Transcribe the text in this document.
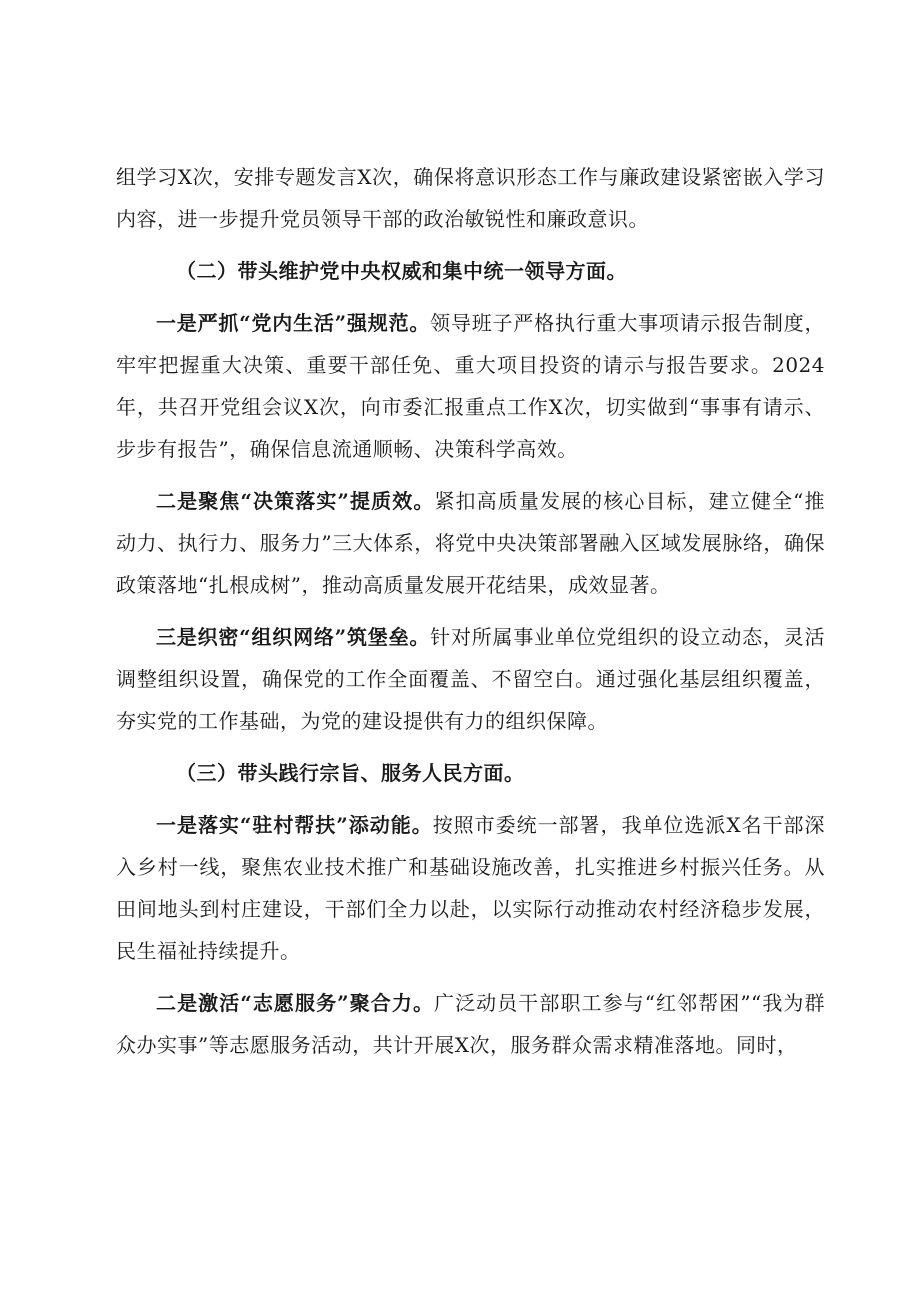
组学习X次，安排专题发言X次，确保将意识形态工作与廉政建设紧密嵌入学习内容，进一步提升党员领导干部的政治敏锐性和廉政意识。

（二）带头维护党中央权威和集中统一领导方面。

一是严抓“党内生活”强规范。领导班子严格执行重大事项请示报告制度，牢牢把握重大决策、重要干部任免、重大项目投资的请示与报告要求。2024年，共召开党组会议X次，向市委汇报重点工作X次，切实做到“事事有请示、步步有报告”，确保信息流通顺畅、决策科学高效。

二是聚焦“决策落实”提质效。紧扣高质量发展的核心目标，建立健全“推动力、执行力、服务力”三大体系，将党中央决策部署融入区域发展脉络，确保政策落地“扎根成树”，推动高质量发展开花结果，成效显著。

三是织密“组织网络”筑堡垒。针对所属事业单位党组织的设立动态，灵活调整组织设置，确保党的工作全面覆盖、不留空白。通过强化基层组织覆盖，夯实党的工作基础，为党的建设提供有力的组织保障。

（三）带头践行宗旨、服务人民方面。

一是落实“驻村帮扶”添动能。按照市委统一部署，我单位选派X名干部深入乡村一线，聚焦农业技术推广和基础设施改善，扎实推进乡村振兴任务。从田间地头到村庄建设，干部们全力以赴，以实际行动推动农村经济稳步发展，民生福祉持续提升。

二是激活“志愿服务”聚合力。广泛动员干部职工参与“红邻帮困”“我为群众办实事”等志愿服务活动，共计开展X次，服务群众需求精准落地。同时，
